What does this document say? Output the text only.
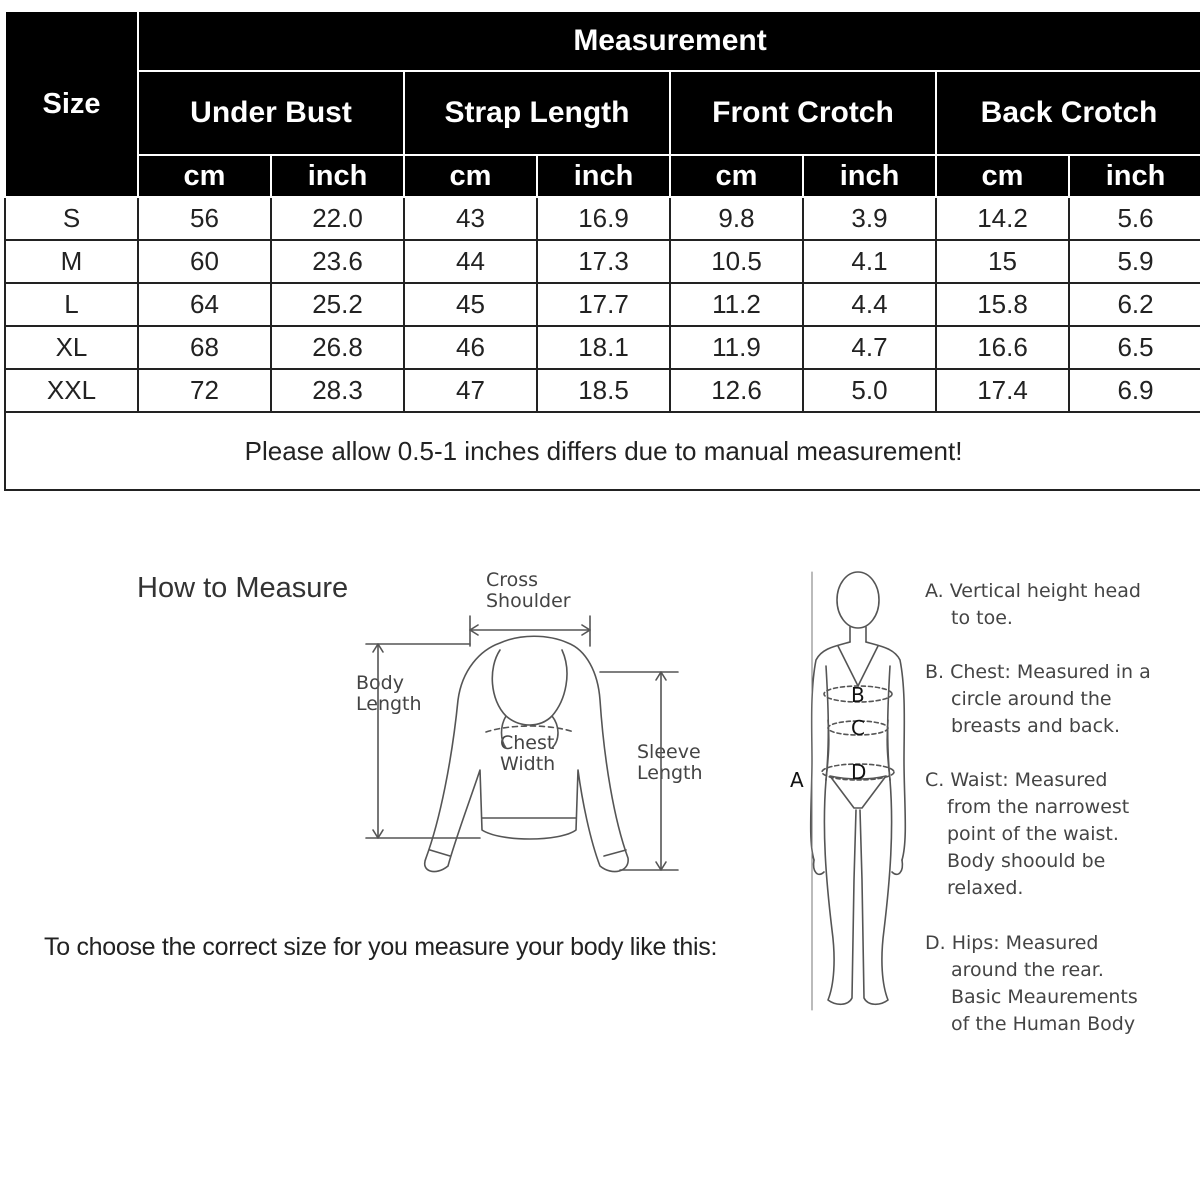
Size	Measurement							
	Under Bust		Strap Length		Front Crotch		Back Crotch	
	cm	inch	cm	inch	cm	inch	cm	inch
S	56	22.0	43	16.9	9.8	3.9	14.2	5.6
M	60	23.6	44	17.3	10.5	4.1	15	5.9
L	64	25.2	45	17.7	11.2	4.4	15.8	6.2
XL	68	26.8	46	18.1	11.9	4.7	16.6	6.5
XXL	72	28.3	47	18.5	12.6	5.0	17.4	6.9
Please allow 0.5-1 inches differs due to manual measurement!								
How to Measure
To choose the correct size for you measure your body like this:
Cross
Shoulder
Body
Length
Chest
Width
Sleeve
Length	A
B
C
D
A. Vertical height head
to toe.
B. Chest: Measured in a
circle around the
breasts and back.
C. Waist: Measured
from the narrowest
point of the waist.
Body shoould be
relaxed.
D. Hips: Measured
around the rear.
Basic Meaurements
of the Human Body
